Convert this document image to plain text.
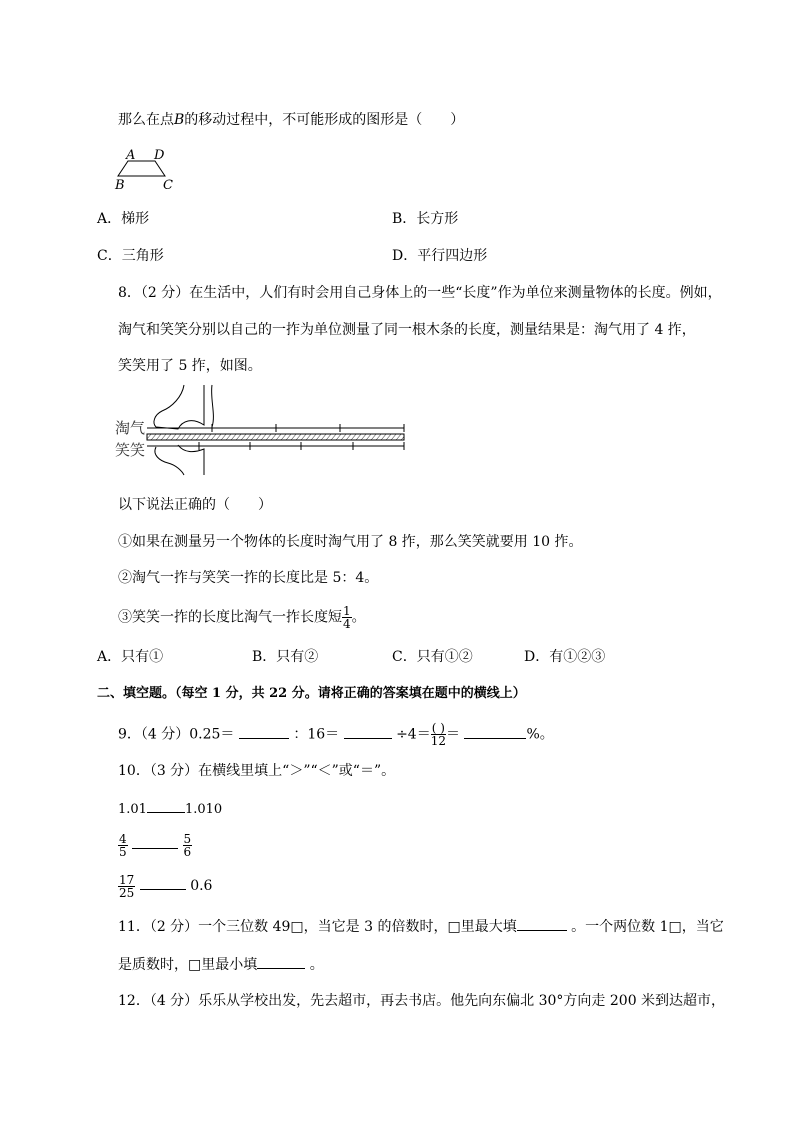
那么在点B的移动过程中，不可能形成的图形是（　　）
A D
B	C
A．梯形	B．长方形
C．三角形	D．平行四边形
8．（2 分）在生活中，人们有时会用自己身体上的一些“长度”作为单位来测量物体的长度。例如，
淘气和笑笑分别以自己的一拃为单位测量了同一根木条的长度，测量结果是：淘气用了 4 拃，
笑笑用了 5 拃，如图。
淘气
笑笑
以下说法正确的（　　）
①如果在测量另一个物体的长度时淘气用了 8 拃，那么笑笑就要用 10 拃。
②淘气一拃与笑笑一拃的长度比是 5：4。
③笑笑一拃的长度比淘气一拃长度短 $\frac{1}{4}$ 。
A．只有①	B．只有②	C．只有①②	D．有①②③
二、填空题。（每空 1 分，共 22 分。请将正确的答案填在题中的横线上）
9．（4 分）0.25＝	：16＝	$\div 4= \frac{( )}{12}$ ＝	%。
10．（3 分）在横线里填上“＞”“＜”或“＝”。
1.01	1.010
$\frac{4}{5}$
	$\frac{5}{6}$
$\frac{17}{25}$	0.6
11．（2 分）一个三位数 49□，当它是 3 的倍数时，□里最大填	。一个两位数 1□，当它
是质数时，□里最小填	。
12．（4 分）乐乐从学校出发，先去超市，再去书店。他先向东偏北 30°方向走 200 米到达超市，
